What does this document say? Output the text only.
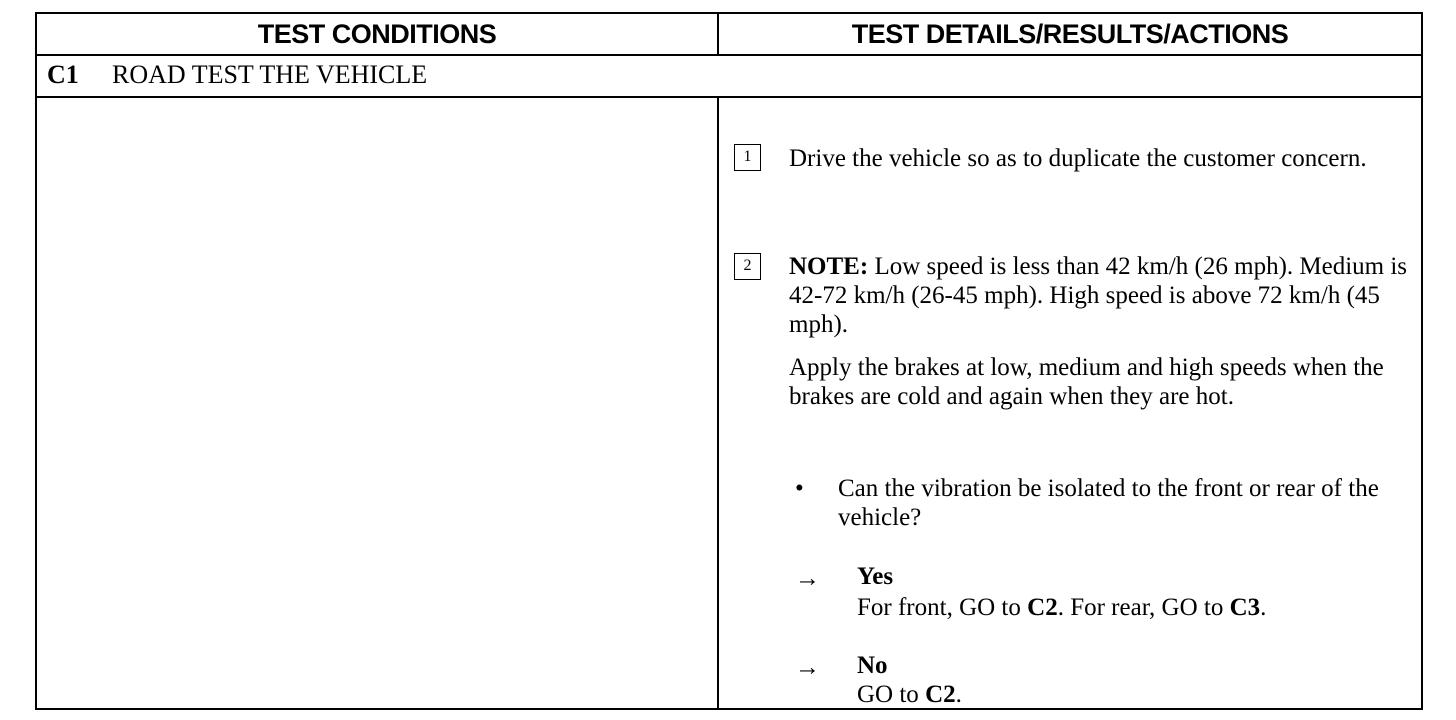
TEST CONDITIONS	TEST DETAILS/RESULTS/ACTIONS
C1 ROAD TEST THE VEHICLE
1	Drive the vehicle so as to duplicate the customer concern.
2	NOTE: Low speed is less than 42 km/h (26 mph). Medium is 42-72 km/h (26-45 mph). High speed is above 72 km/h (45 mph).
Apply the brakes at low, medium and high speeds when the brakes are cold and again when they are hot.
• Can the vibration be isolated to the front or rear of the vehicle?
→ Yes
For front, GO to C2. For rear, GO to C3.
→ No
GO to C2.
